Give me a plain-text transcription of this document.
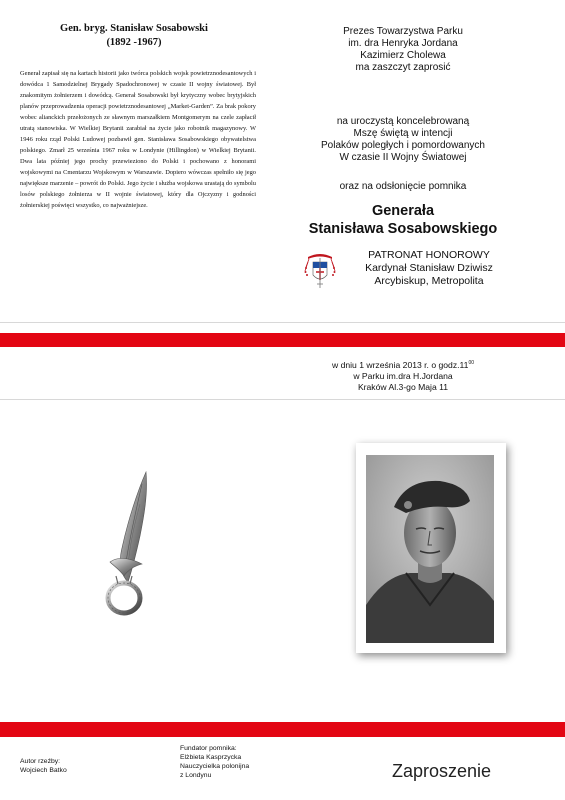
Gen. bryg. Stanisław Sosabowski
(1892 -1967)

Generał zapisał się na kartach historii jako twórca polskich wojsk powietrznodesantowych i dowódca 1 Samodzielnej Brygady Spadochronowej w czasie II wojny światowej. Był znakomitym żołnierzem i dowódcą. Generał Sosabowski był krytyczny wobec brytyjskich planów przeprowadzenia operacji powietrznodesantowej „Market-Garden”. Za brak pokory wobec alianckich przełożonych ze sławnym marszałkiem Montgomerym na czele zapłacił utratą stanowiska. W Wielkiej Brytanii zarabiał na życie jako robotnik magazynowy. W 1946 roku rząd Polski Ludowej pozbawił gen. Stanisława Sosabowskiego obywatelstwa polskiego. Zmarł 25 września 1967 roku w Londynie (Hillingdon) w Wielkiej Brytanii. Dwa lata później jego prochy przewieziono do Polski i pochowano z honorami wojskowymi na Cmentarzu Wojskowym w Warszawie. Dopiero wówczas spełniło się jego największe marzenie – powrót do Polski. Jego życie i służba wojskowa urastają do symbolu losów polskiego żołnierza w II wojnie światowej, który dla Ojczyzny i godności żołnierskiej poświęci wszystko, co najważniejsze.

Prezes Towarzystwa Parku
im. dra Henryka Jordana
Kazimierz Cholewa
ma zaszczyt zaprosić
na uroczystą koncelebrowaną
Mszę świętą w intencji
Polaków poległych i pomordowanych
W czasie II Wojny Światowej
oraz na odsłonięcie pomnika
Generała
Stanisława Sosabowskiego
PATRONAT HONOROWY
Kardynał Stanisław Dziwisz
Arcybiskup, Metropolita
w dniu 1 września 2013 r. o $godz.11^{00}$
w Parku im.dra H.Jordana
Kraków Al.3-go Maja 11
Autor rzeźby:
Wojciech Batko
Fundator pomnika:
Elżbieta Kasprzycka
Nauczycielka polonijna
z Londynu	Zaproszenie
